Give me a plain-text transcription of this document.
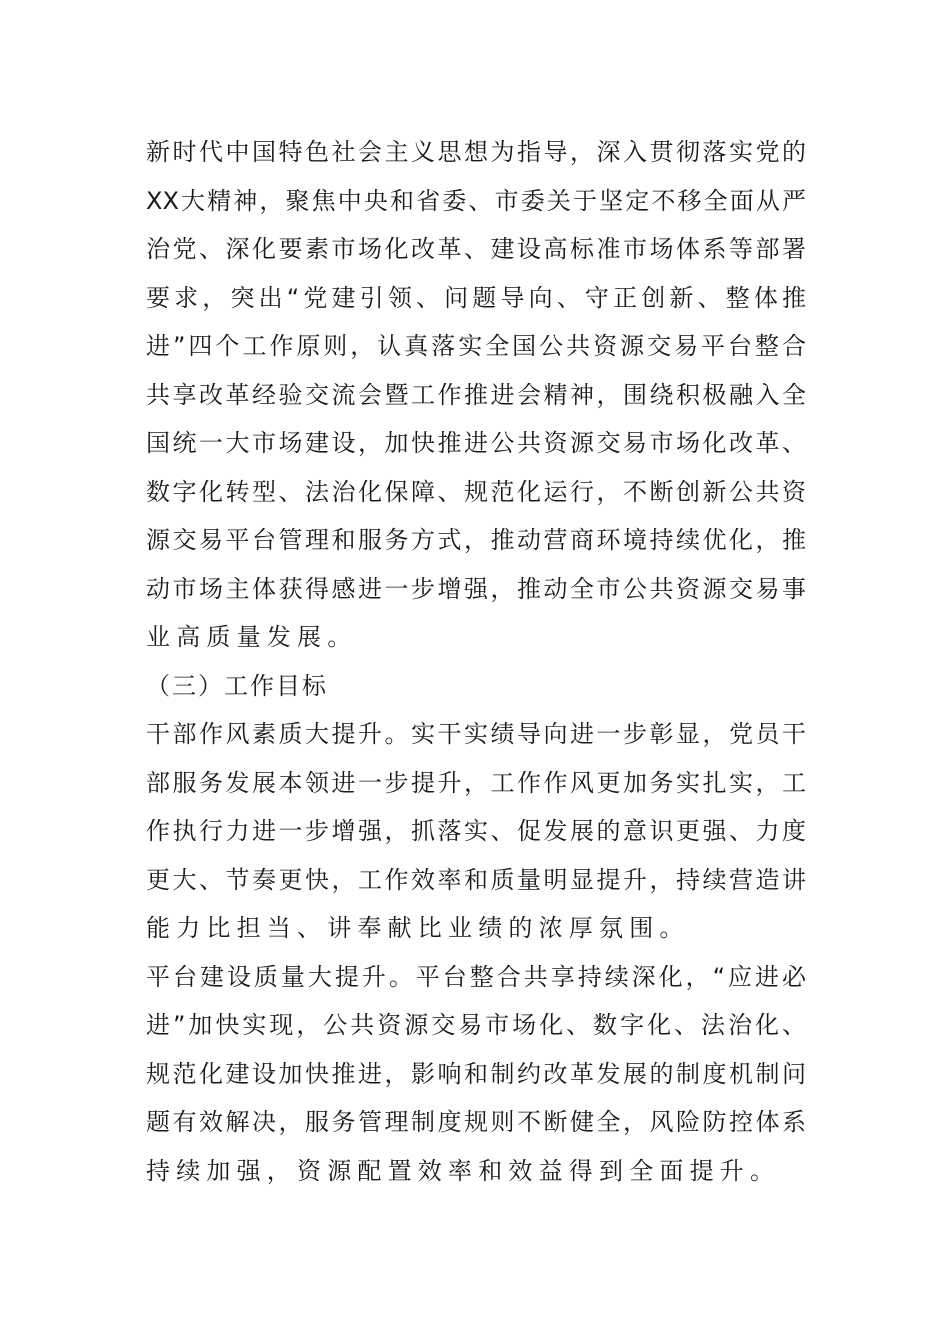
新时代中国特色社会主义思想为指导，深入贯彻落实党的
XX大精神，聚焦中央和省委、市委关于坚定不移全面从严
治党、深化要素市场化改革、建设高标准市场体系等部署
要求，突出“党建引领、问题导向、守正创新、整体推
进”四个工作原则，认真落实全国公共资源交易平台整合
共享改革经验交流会暨工作推进会精神，围绕积极融入全
国统一大市场建设，加快推进公共资源交易市场化改革、
数字化转型、法治化保障、规范化运行，不断创新公共资
源交易平台管理和服务方式，推动营商环境持续优化，推
动市场主体获得感进一步增强，推动全市公共资源交易事
业高质量发展。
（三）工作目标
干部作风素质大提升。实干实绩导向进一步彰显，党员干
部服务发展本领进一步提升，工作作风更加务实扎实，工
作执行力进一步增强，抓落实、促发展的意识更强、力度
更大、节奏更快，工作效率和质量明显提升，持续营造讲
能力比担当、讲奉献比业绩的浓厚氛围。
平台建设质量大提升。平台整合共享持续深化，“应进必
进”加快实现，公共资源交易市场化、数字化、法治化、
规范化建设加快推进，影响和制约改革发展的制度机制问
题有效解决，服务管理制度规则不断健全，风险防控体系
持续加强，资源配置效率和效益得到全面提升。
